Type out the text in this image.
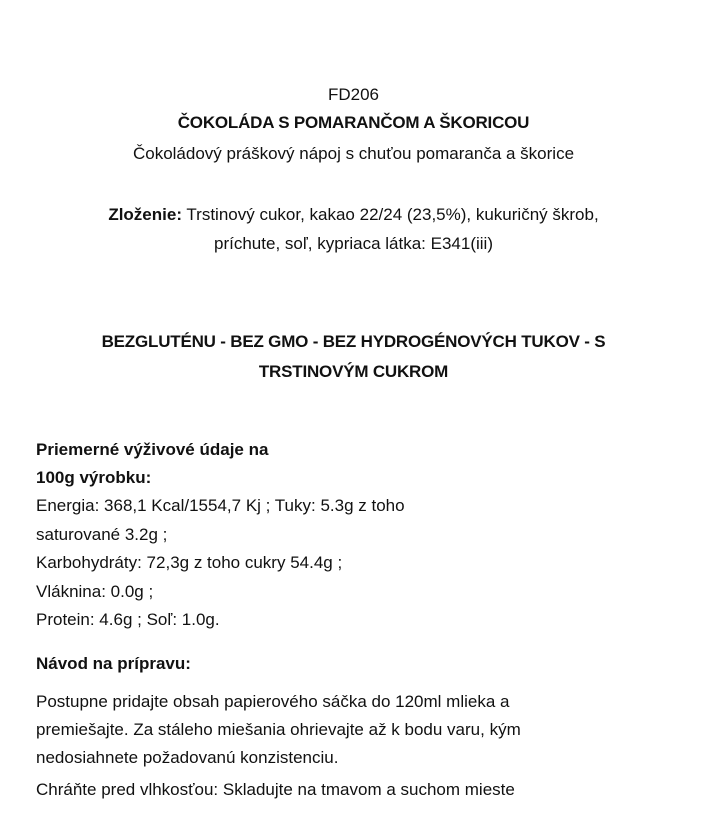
FD206
ČOKOLÁDA S POMARANČOM A ŠKORICOU
Čokoládový práškový nápoj s chuťou pomaranča a škorice
Zloženie: Trstinový cukor, kakao 22/24 (23,5%), kukuričný škrob,
príchute, soľ, kypriaca látka: E341(iii)
BEZGLUTÉNU - BEZ GMO - BEZ HYDROGÉNOVÝCH TUKOV - S
TRSTINOVÝM CUKROM
Priemerné výživové údaje na
100g výrobku:
Energia: 368,1 Kcal/1554,7 Kj ; Tuky: 5.3g z toho
saturované 3.2g ;
Karbohydráty: 72,3g z toho cukry 54.4g ;
Vláknina: 0.0g ;
Protein: 4.6g ; Soľ: 1.0g.
Návod na prípravu:
Postupne pridajte obsah papierového sáčka do 120ml mlieka a
premiešajte. Za stáleho miešania ohrievajte až k bodu varu, kým
nedosiahnete požadovanú konzistenciu.
Chráňte pred vlhkosťou: Skladujte na tmavom a suchom mieste
